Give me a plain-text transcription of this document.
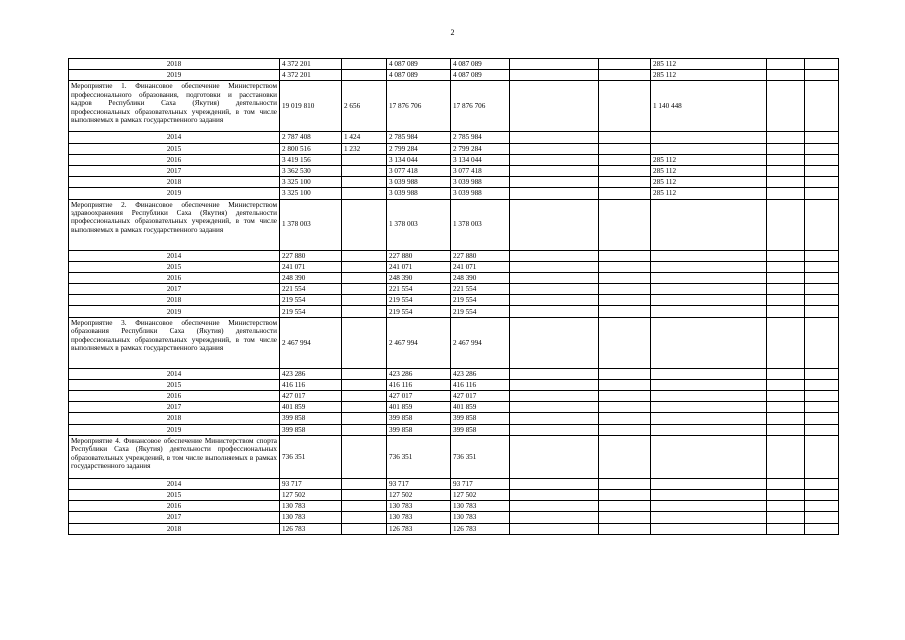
2
2018	4 372 201		4 087 089	4 087 089			285 112		
2019	4 372 201		4 087 089	4 087 089			285 112		
Мероприятие 1. Финансовое обеспечение Министерством профессионального образования, подготовки и расстановки кадров Республики Саха (Якутия) деятельности профессиональных образовательных учреждений, в том числе выполняемых в рамках государственного задания	19 019 810	2 656	17 876 706	17 876 706			1 140 448		
2014	2 787 408	1 424	2 785 984	2 785 984					
2015	2 800 516	1 232	2 799 284	2 799 284					
2016	3 419 156		3 134 044	3 134 044			285 112		
2017	3 362 530		3 077 418	3 077 418			285 112		
2018	3 325 100		3 039 988	3 039 988			285 112		
2019	3 325 100		3 039 988	3 039 988			285 112		
Мероприятие 2. Финансовое обеспечение Министерством здравоохранения Республики Саха (Якутия) деятельности профессиональных образовательных учреждений, в том числе выполняемых в рамках государственного задания	1 378 003		1 378 003	1 378 003					
2014	227 880		227 880	227 880					
2015	241 071		241 071	241 071					
2016	248 390		248 390	248 390					
2017	221 554		221 554	221 554					
2018	219 554		219 554	219 554					
2019	219 554		219 554	219 554					
Мероприятие 3. Финансовое обеспечение Министерством образования Республики Саха (Якутия) деятельности профессиональных образовательных учреждений, в том числе выполняемых в рамках государственного задания	2 467 994		2 467 994	2 467 994					
2014	423 286		423 286	423 286					
2015	416 116		416 116	416 116					
2016	427 017		427 017	427 017					
2017	401 859		401 859	401 859					
2018	399 858		399 858	399 858					
2019	399 858		399 858	399 858					
Мероприятие 4. Финансовое обеспечение Министерством спорта Республики Саха (Якутия) деятельности профессиональных образовательных учреждений, в том числе выполняемых в рамках государственного задания	736 351		736 351	736 351					
2014	93 717		93 717	93 717					
2015	127 502		127 502	127 502					
2016	130 783		130 783	130 783					
2017	130 783		130 783	130 783					
2018	126 783		126 783	126 783					
